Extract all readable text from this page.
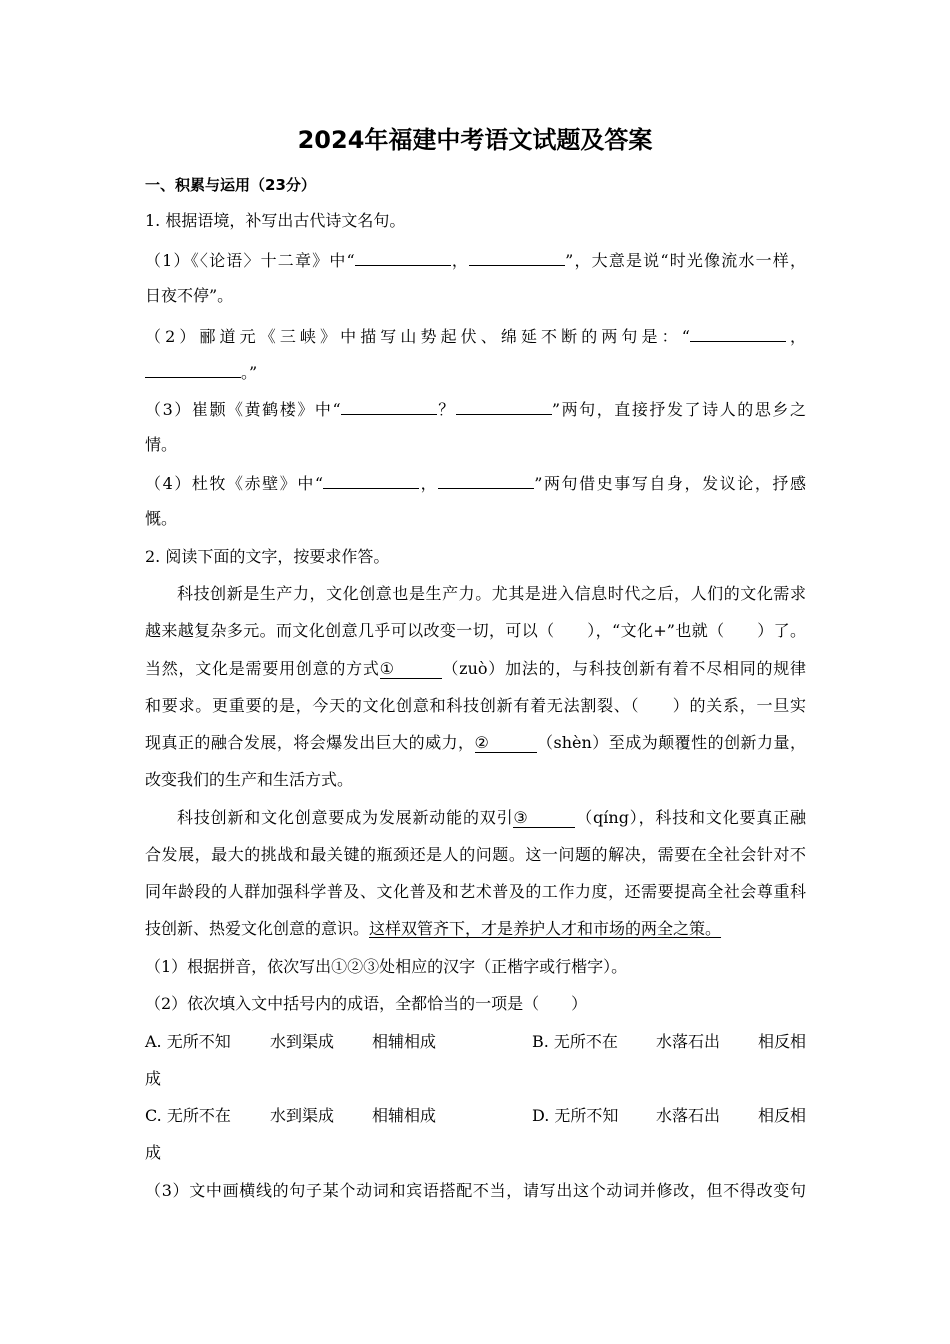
2024年福建中考语文试题及答案
一、积累与运用（23分）
1. 根据语境，补写出古代诗文名句。
（1）《〈论语〉十二章》中“	，	”，大意是说“时光像流水一样，
日夜不停”。
（2）郦道元《三峡》中描写山势起伏、绵延不断的两句是：“	，
。”
（3）崔颢《黄鹤楼》中“	？	”两句，直接抒发了诗人的思乡之
情。
（4）杜牧《赤壁》中“	，	”两句借史事写自身，发议论，抒感
慨。
2. 阅读下面的文字，按要求作答。
科技创新是生产力，文化创意也是生产力。尤其是进入信息时代之后，人们的文化需求
越来越复杂多元。而文化创意几乎可以改变一切，可以（　　），“文化+”也就（　　）了。
当然，文化是需要用创意的方式①	（zuò）加法的，与科技创新有着不尽相同的规律
和要求。更重要的是，今天的文化创意和科技创新有着无法割裂、（　　）的关系，一旦实
现真正的融合发展，将会爆发出巨大的威力，②	（shèn）至成为颠覆性的创新力量，
改变我们的生产和生活方式。
科技创新和文化创意要成为发展新动能的双引③	（qíng），科技和文化要真正融
合发展，最大的挑战和最关键的瓶颈还是人的问题。这一问题的解决，需要在全社会针对不
同年龄段的人群加强科学普及、文化普及和艺术普及的工作力度，还需要提高全社会尊重科
技创新、热爱文化创意的意识。这样双管齐下，才是养护人才和市场的两全之策。
（1）根据拼音，依次写出①②③处相应的汉字（正楷字或行楷字）。
（2）依次填入文中括号内的成语，全都恰当的一项是（　　）
A. 无所不知 水到渠成 相辅相成	B. 无所不在 水落石出 相反相
成
C. 无所不在 水到渠成 相辅相成	D. 无所不知 水落石出 相反相
成
（3）文中画横线的句子某个动词和宾语搭配不当，请写出这个动词并修改，但不得改变句
